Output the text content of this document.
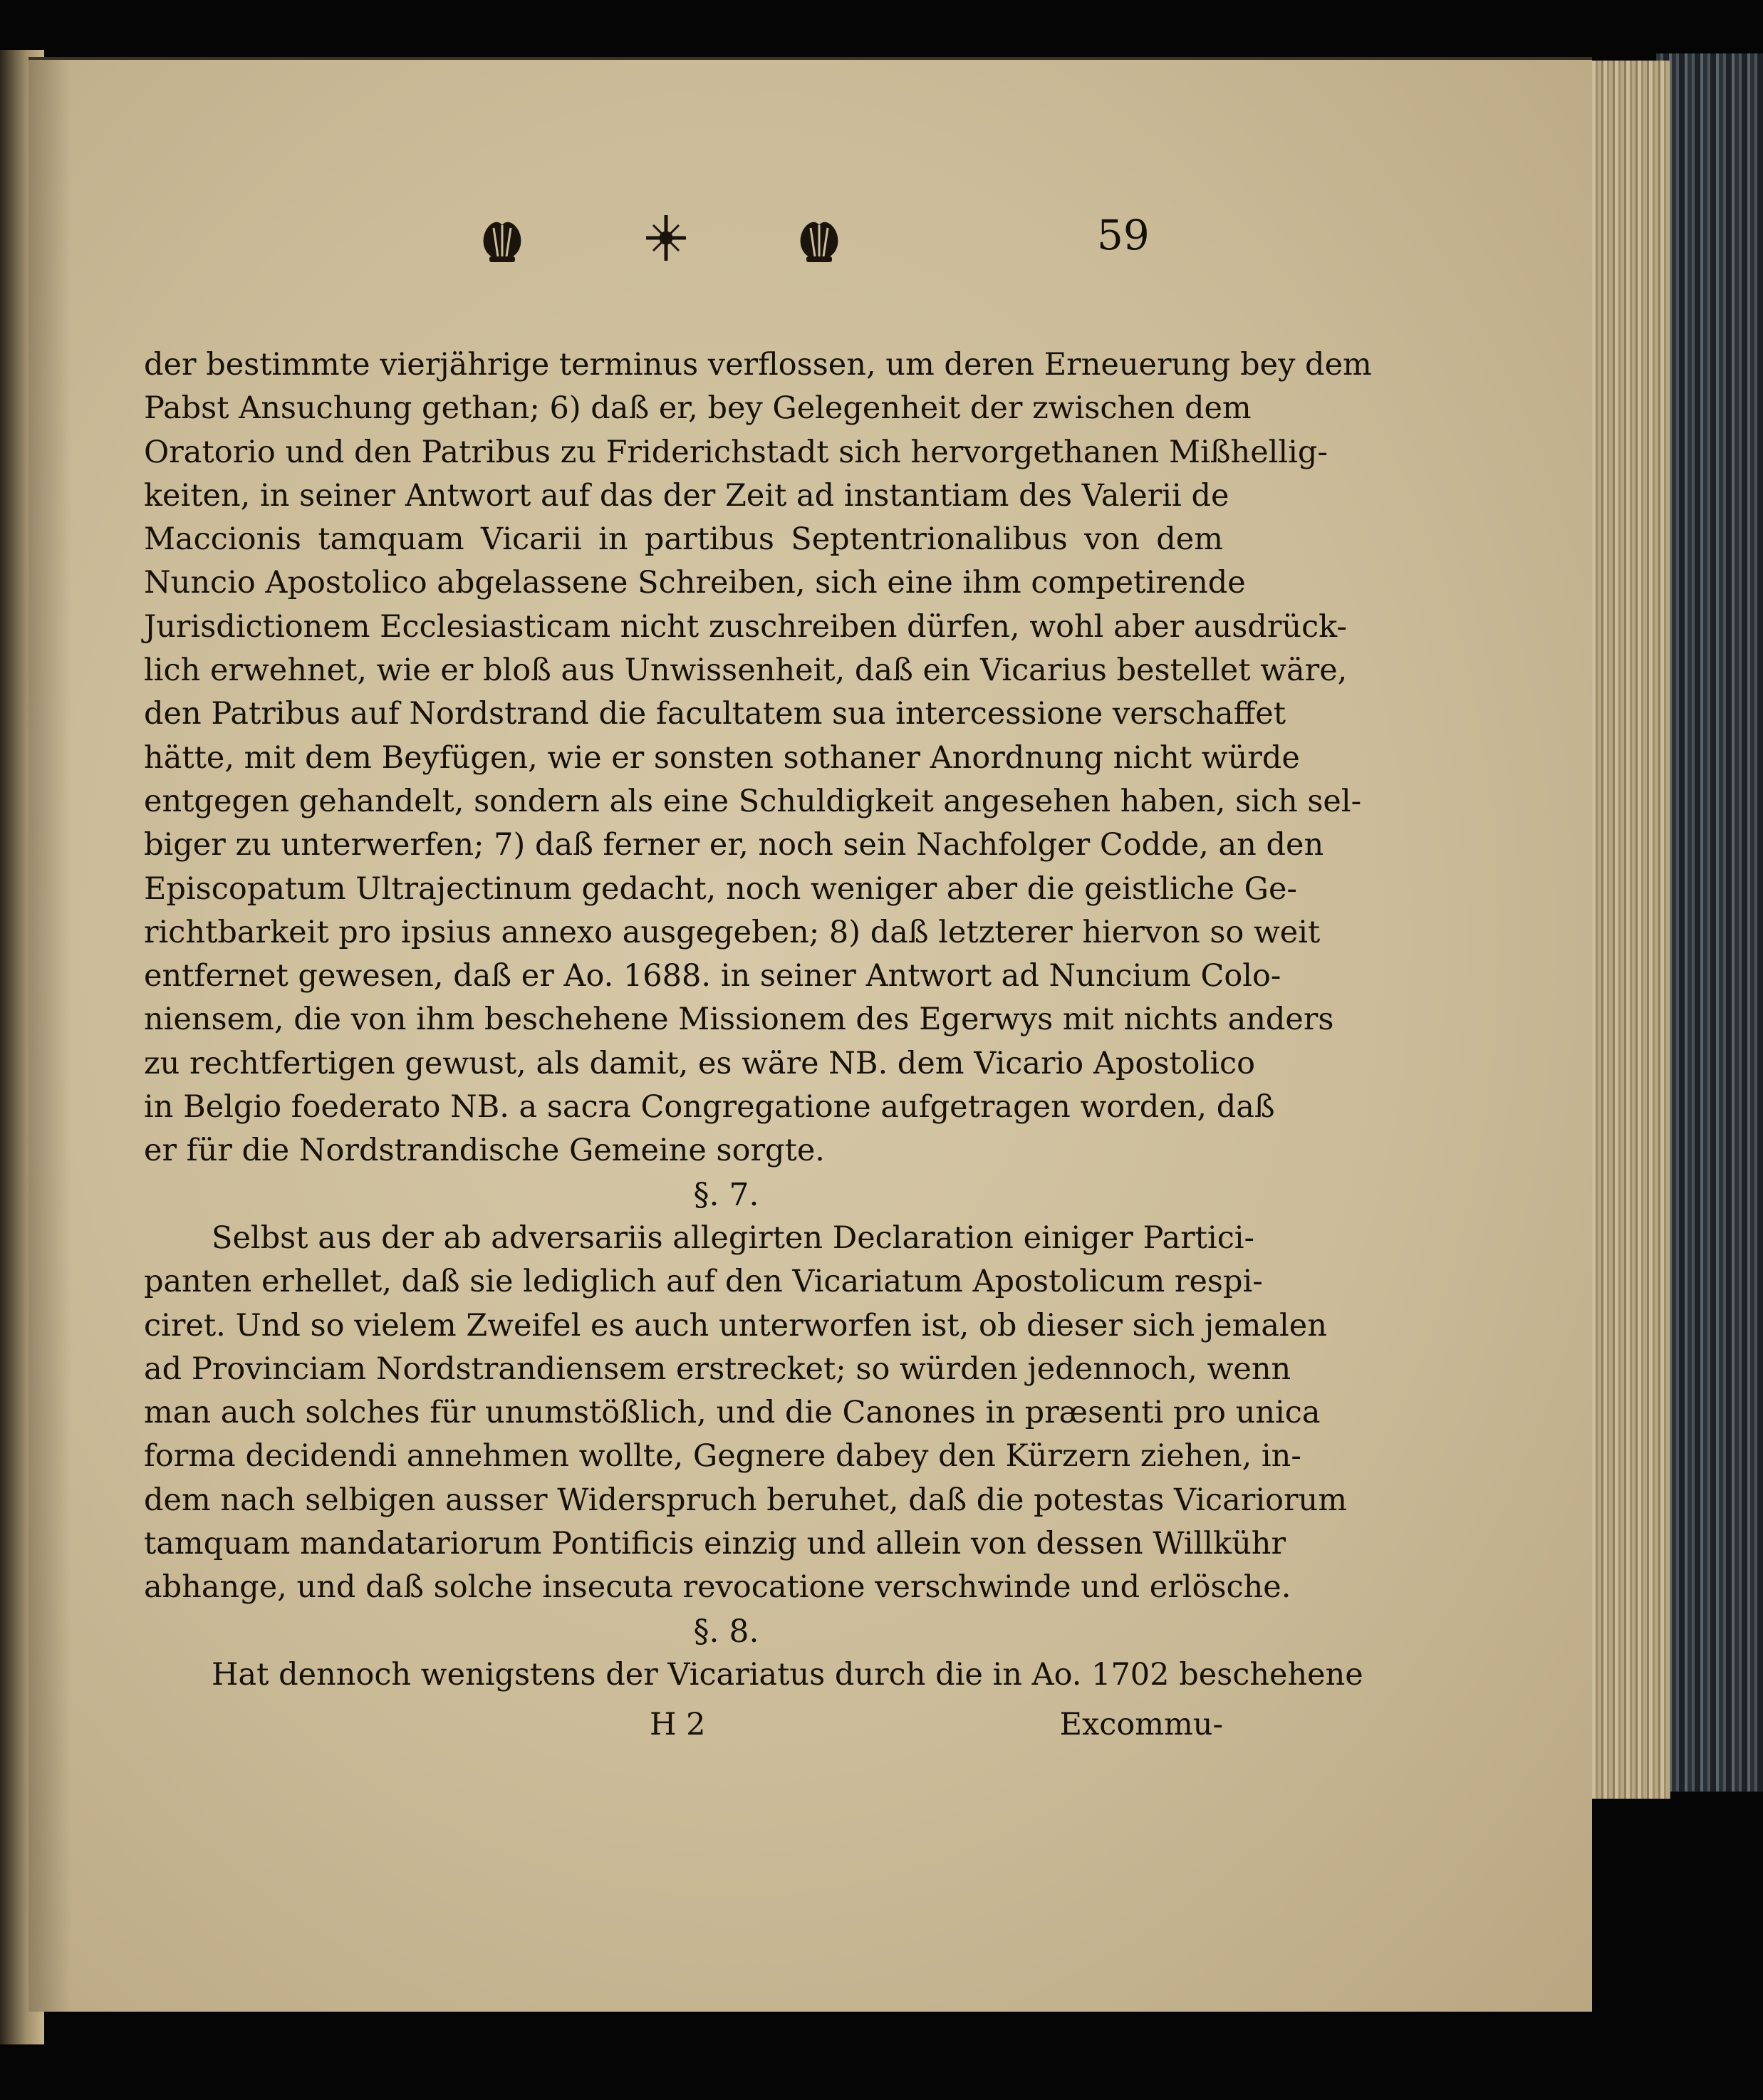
59
der bestimmte vierjährige terminus verflossen, um deren Erneuerung bey dem
Pabst Ansuchung gethan; 6) daß er, bey Gelegenheit der zwischen dem
Oratorio und den Patribus zu Friderichstadt sich hervorgethanen Mißhellig-
keiten, in seiner Antwort auf das der Zeit ad instantiam des Valerii de
Maccionis tamquam Vicarii in partibus Septentrionalibus von dem
Nuncio Apostolico abgelassene Schreiben, sich eine ihm competirende
Jurisdictionem Ecclesiasticam nicht zuschreiben dürfen, wohl aber ausdrück-
lich erwehnet, wie er bloß aus Unwissenheit, daß ein Vicarius bestellet wäre,
den Patribus auf Nordstrand die facultatem sua intercessione verschaffet
hätte, mit dem Beyfügen, wie er sonsten sothaner Anordnung nicht würde
entgegen gehandelt, sondern als eine Schuldigkeit angesehen haben, sich sel-
biger zu unterwerfen; 7) daß ferner er, noch sein Nachfolger Codde, an den
Episcopatum Ultrajectinum gedacht, noch weniger aber die geistliche Ge-
richtbarkeit pro ipsius annexo ausgegeben; 8) daß letzterer hiervon so weit
entfernet gewesen, daß er Ao. 1688. in seiner Antwort ad Nuncium Colo-
niensem, die von ihm beschehene Missionem des Egerwys mit nichts anders
zu rechtfertigen gewust, als damit, es wäre NB. dem Vicario Apostolico
in Belgio foederato NB. a sacra Congregatione aufgetragen worden, daß
er für die Nordstrandische Gemeine sorgte.
§. 7.
Selbst aus der ab adversariis allegirten Declaration einiger Partici-
panten erhellet, daß sie lediglich auf den Vicariatum Apostolicum respi-
ciret. Und so vielem Zweifel es auch unterworfen ist, ob dieser sich jemalen
ad Provinciam Nordstrandiensem erstrecket; so würden jedennoch, wenn
man auch solches für unumstößlich, und die Canones in præsenti pro unica
forma decidendi annehmen wollte, Gegnere dabey den Kürzern ziehen, in-
dem nach selbigen ausser Widerspruch beruhet, daß die potestas Vicariorum
tamquam mandatariorum Pontificis einzig und allein von dessen Willkühr
abhange, und daß solche insecuta revocatione verschwinde und erlösche.
§. 8.
Hat dennoch wenigstens der Vicariatus durch die in Ao. 1702 beschehene
H 2	Excommu-
